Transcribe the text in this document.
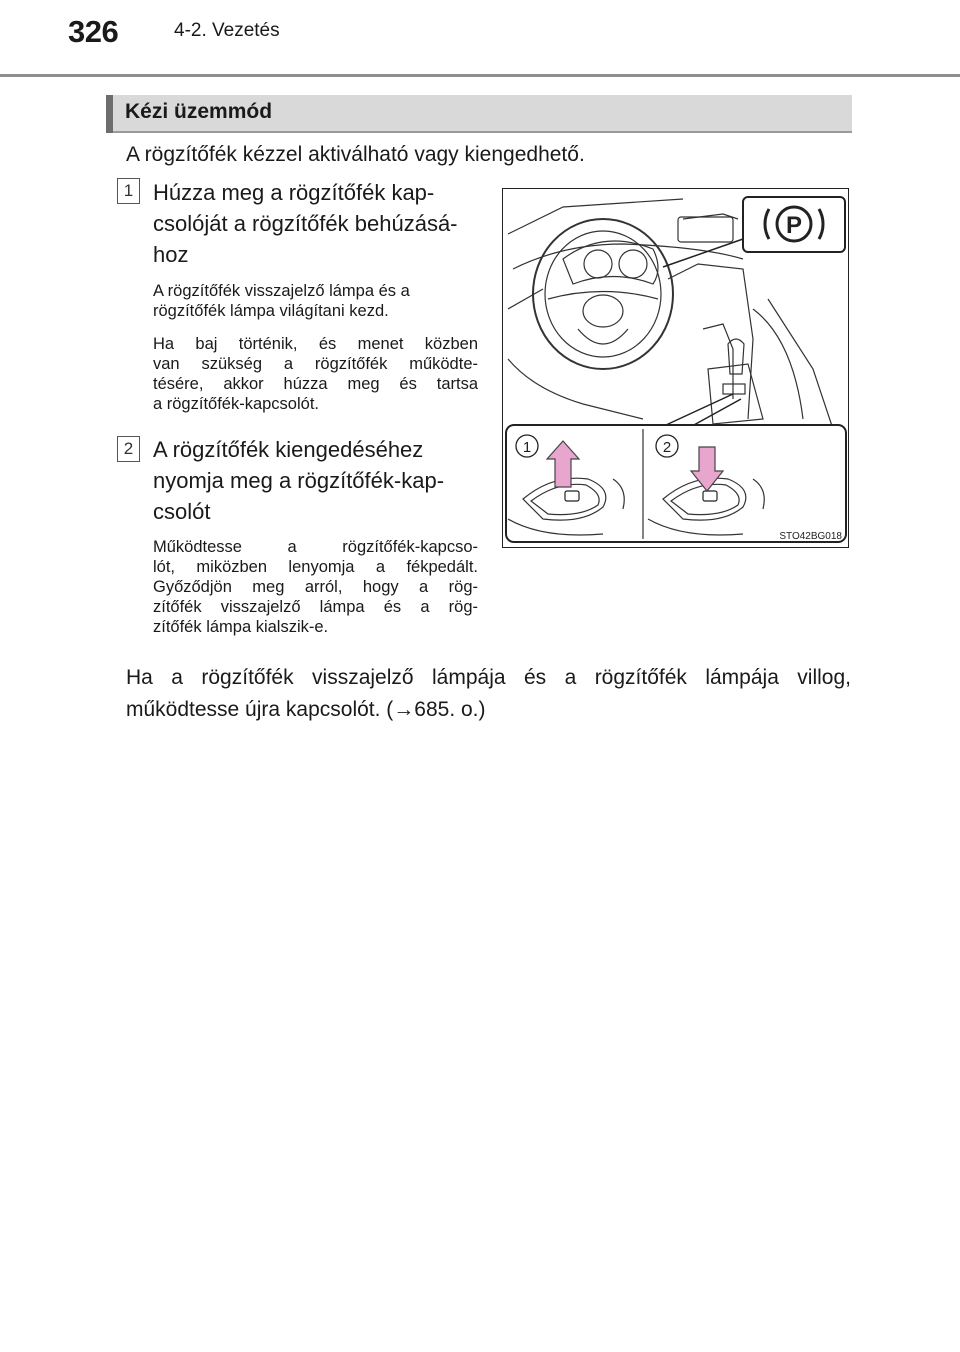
326	4-2. Vezetés
Kézi üzemmód
A rögzítőfék kézzel aktiválható vagy kiengedhető.
1 Húzza meg a rögzítőfék kap-
csolóját a rögzítőfék behúzásá-
hoz
A rögzítőfék visszajelző lámpa és a
rögzítőfék lámpa világítani kezd.
Ha baj történik, és menet közben
van szükség a rögzítőfék működte-
tésére, akkor húzza meg és tartsa
a rögzítőfék-kapcsolót.
2 A rögzítőfék kiengedéséhez
nyomja meg a rögzítőfék-kap-
csolót
Működtesse a rögzítőfék-kapcso-
lót, miközben lenyomja a fékpedált.
Győződjön meg arról, hogy a rög-
zítőfék visszajelző lámpa és a rög-
zítőfék lámpa kialszik-e.
P
1	2
STO42BG018
Ha a rögzítőfék visszajelző lámpája és a rögzítőfék lámpája villog, működtesse újra kapcsolót. (→685. o.)
